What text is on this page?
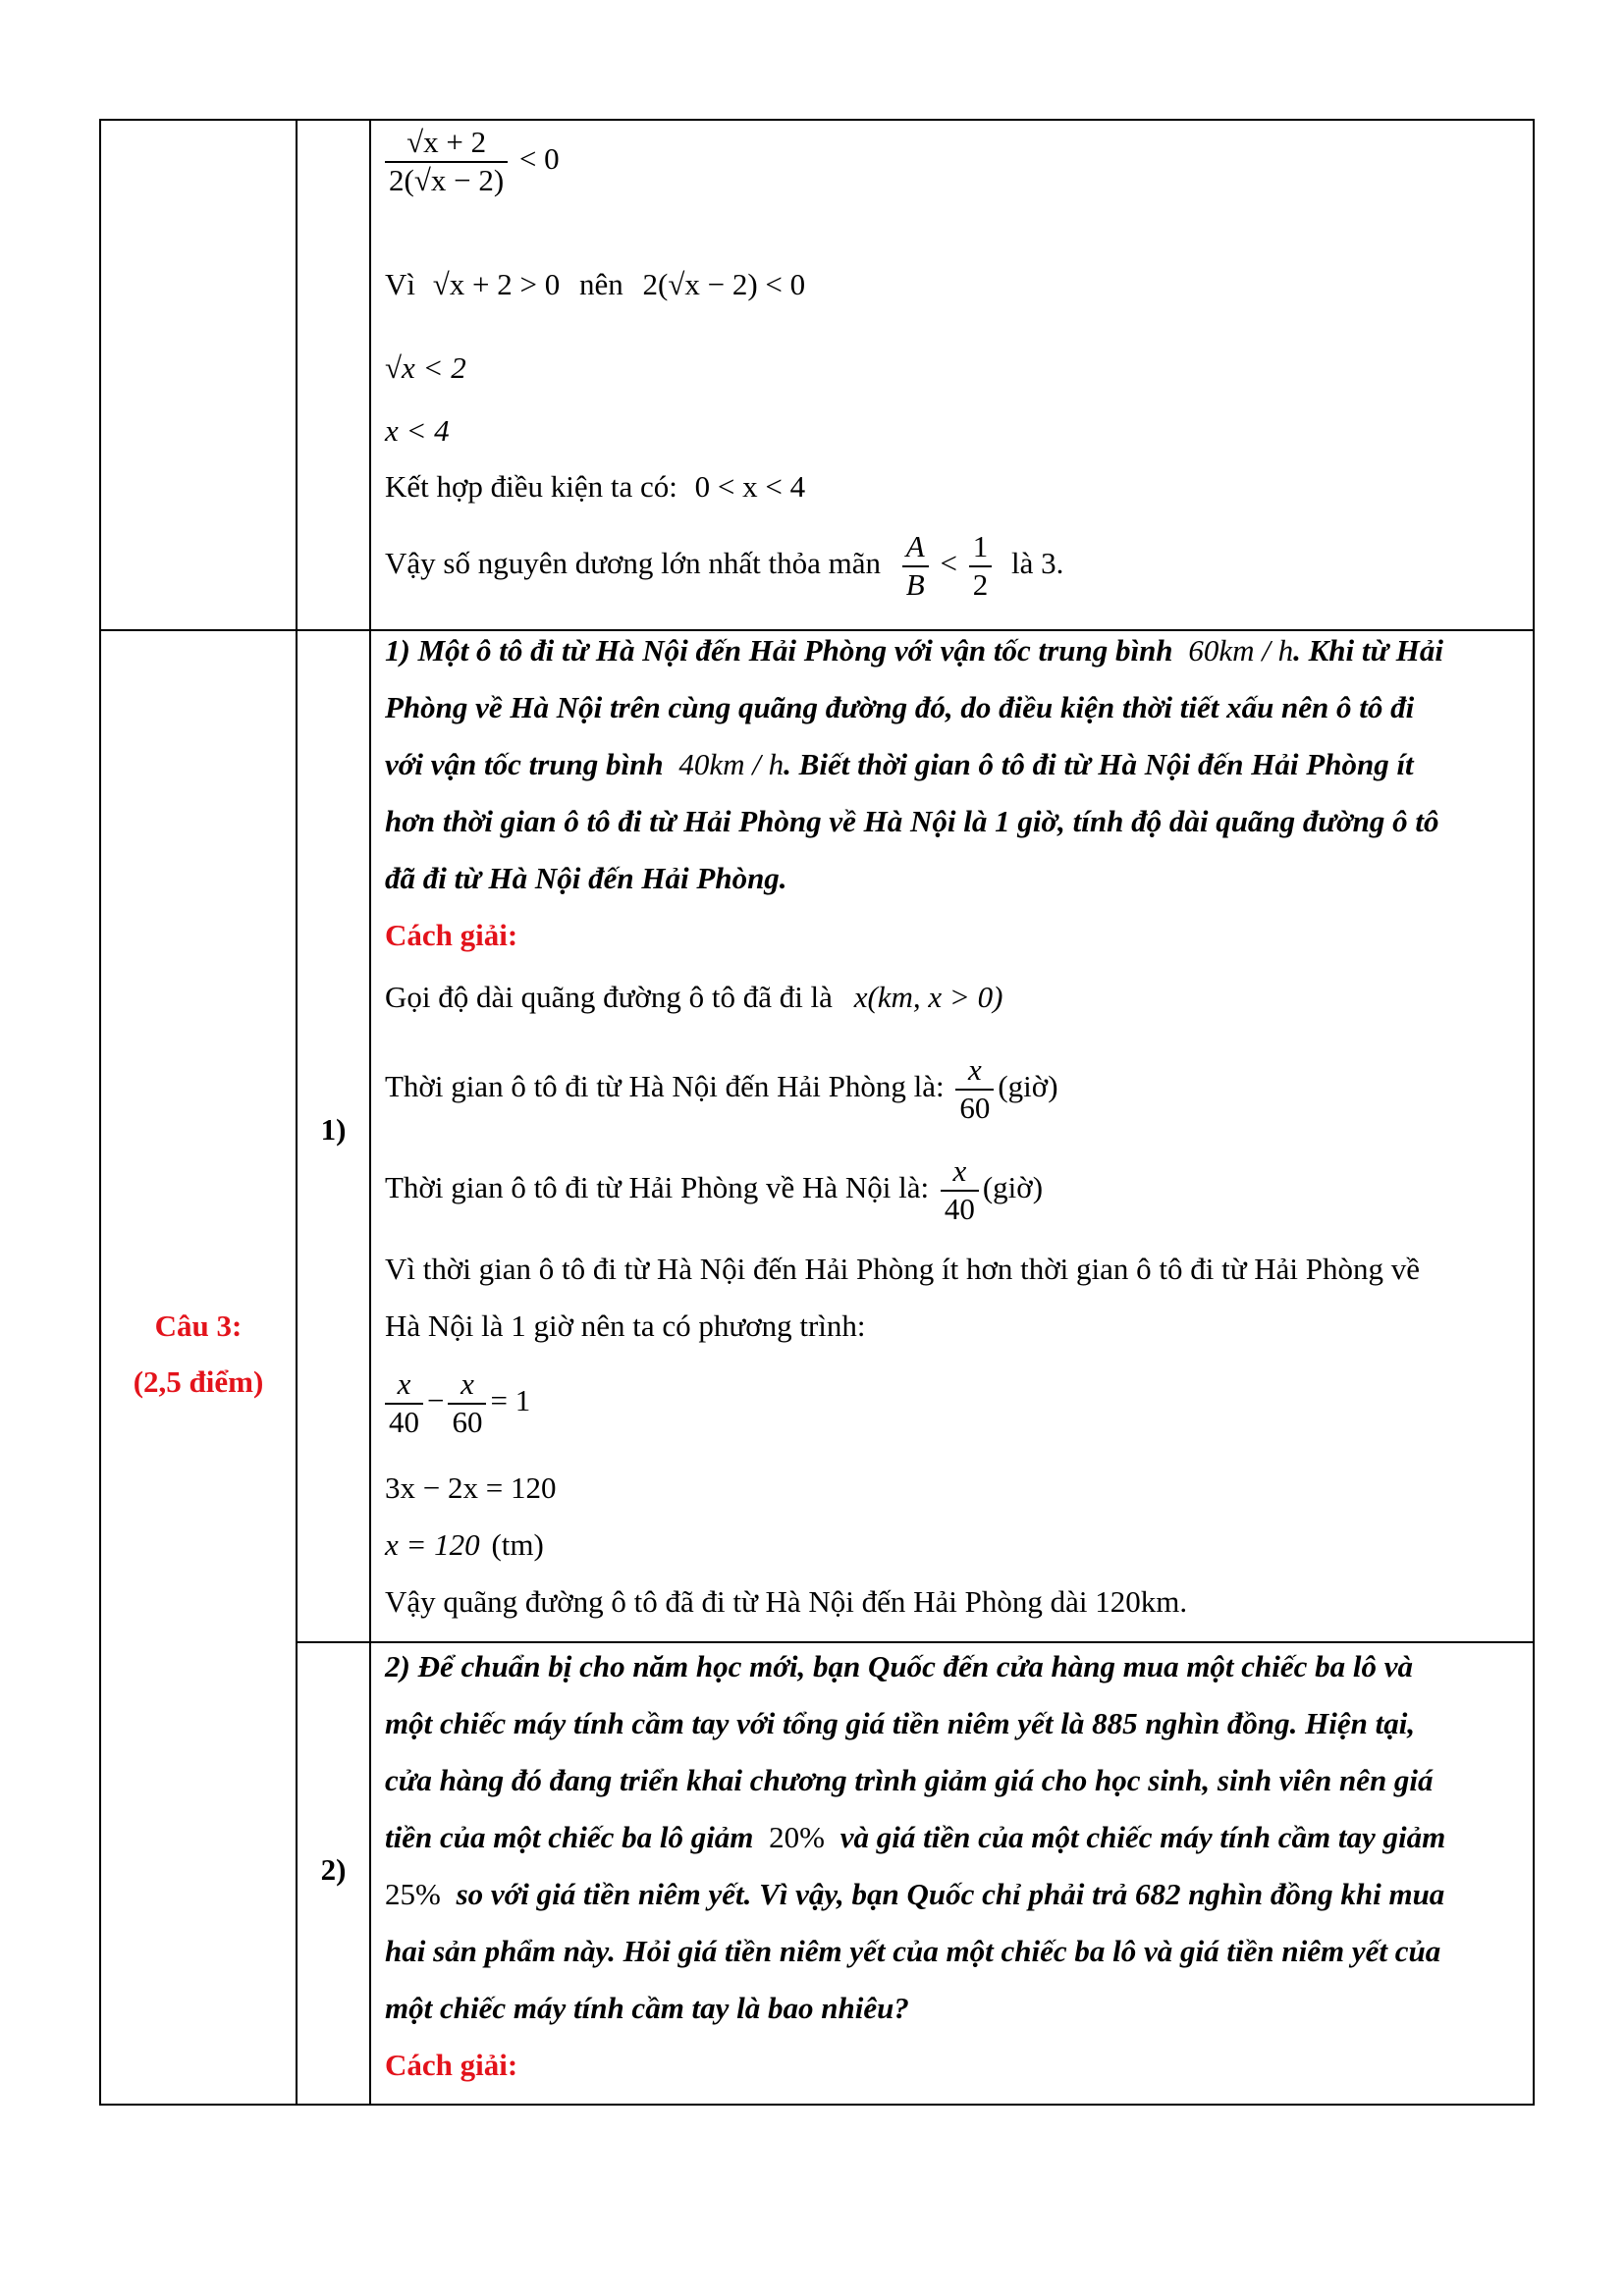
$\frac{√x + 2}{2(√x - 2)} < 0$
Vì √x + 2 > 0 nên 2(√x − 2) < 0
√x < 2
x < 4
Kết hợp điều kiện ta có: 0 < x < 4
Vậy số nguyên dương lớn nhất thỏa mãn $\frac{A}{B} < \frac{1}{2}$ là 3.
Câu 3:
(2,5 điểm)
1)
1) Một ô tô đi từ Hà Nội đến Hải Phòng với vận tốc trung bình 60km / h. Khi từ Hải
Phòng về Hà Nội trên cùng quãng đường đó, do điều kiện thời tiết xấu nên ô tô đi
với vận tốc trung bình 40km / h. Biết thời gian ô tô đi từ Hà Nội đến Hải Phòng ít
hơn thời gian ô tô đi từ Hải Phòng về Hà Nội là 1 giờ, tính độ dài quãng đường ô tô
đã đi từ Hà Nội đến Hải Phòng.
Cách giải:
Gọi độ dài quãng đường ô tô đã đi là x(km, x > 0)
Thời gian ô tô đi từ Hà Nội đến Hải Phòng là: $\frac{x}{60}$ (giờ)
Thời gian ô tô đi từ Hải Phòng về Hà Nội là: $\frac{x}{40}$ (giờ)
Vì thời gian ô tô đi từ Hà Nội đến Hải Phòng ít hơn thời gian ô tô đi từ Hải Phòng về
Hà Nội là 1 giờ nên ta có phương trình:
$\frac{x}{40} - \frac{x}{60} = 1$
3x − 2x = 120
x = 120 (tm)
Vậy quãng đường ô tô đã đi từ Hà Nội đến Hải Phòng dài 120km.
2)
2) Để chuẩn bị cho năm học mới, bạn Quốc đến cửa hàng mua một chiếc ba lô và
một chiếc máy tính cầm tay với tổng giá tiền niêm yết là 885 nghìn đồng. Hiện tại,
cửa hàng đó đang triển khai chương trình giảm giá cho học sinh, sinh viên nên giá
tiền của một chiếc ba lô giảm 20% và giá tiền của một chiếc máy tính cầm tay giảm
25% so với giá tiền niêm yết. Vì vậy, bạn Quốc chỉ phải trả 682 nghìn đồng khi mua
hai sản phẩm này. Hỏi giá tiền niêm yết của một chiếc ba lô và giá tiền niêm yết của
một chiếc máy tính cầm tay là bao nhiêu?
Cách giải:
